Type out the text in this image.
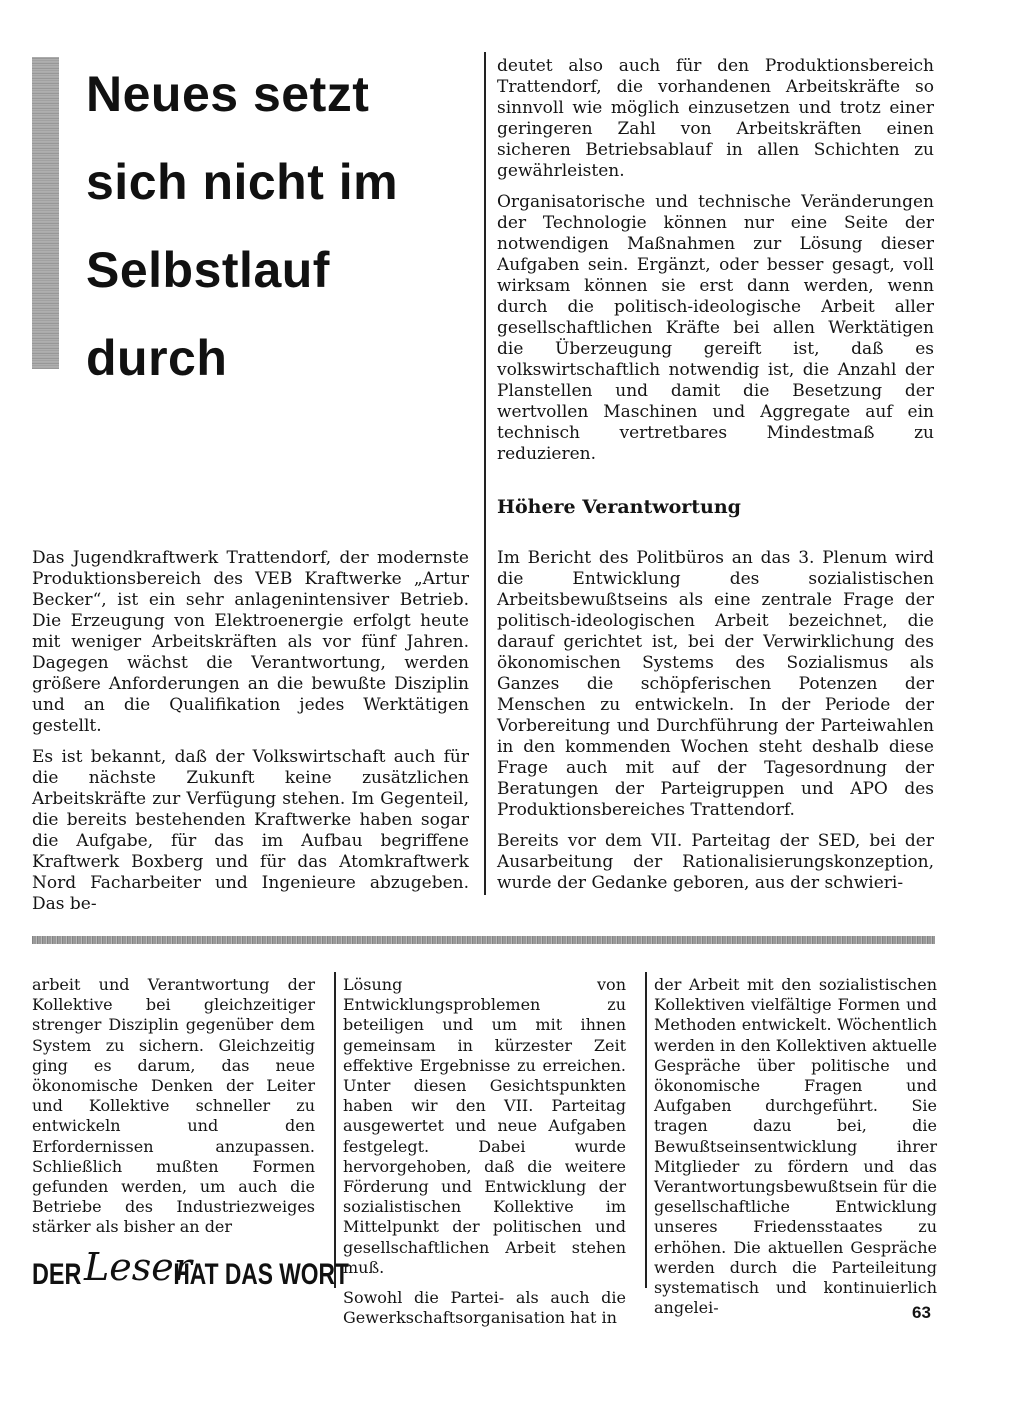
Neues setzt
sich nicht im
Selbstlauf
durch

deutet also auch für den Produktionsbereich Trattendorf, die vorhandenen Arbeitskräfte so sinnvoll wie möglich einzusetzen und trotz einer geringeren Zahl von Arbeitskräften einen sicheren Betriebsablauf in allen Schichten zu gewährleisten.

Organisatorische und technische Veränderungen der Technologie können nur eine Seite der notwendigen Maßnahmen zur Lösung dieser Aufgaben sein. Ergänzt, oder besser gesagt, voll wirksam können sie erst dann werden, wenn durch die politisch-ideologische Arbeit aller gesellschaftlichen Kräfte bei allen Werktätigen die Überzeugung gereift ist, daß es volkswirtschaftlich notwendig ist, die Anzahl der Planstellen und damit die Besetzung der wertvollen Maschinen und Aggregate auf ein technisch vertretbares Mindestmaß zu reduzieren.

Höhere Verantwortung

Das Jugendkraftwerk Trattendorf, der modernste Produktionsbereich des VEB Kraftwerke „Artur Becker“, ist ein sehr anlagenintensiver Betrieb. Die Erzeugung von Elektroenergie erfolgt heute mit weniger Arbeitskräften als vor fünf Jahren. Dagegen wächst die Verantwortung, werden größere Anforderungen an die bewußte Disziplin und an die Qualifikation jedes Werktätigen gestellt.

Es ist bekannt, daß der Volkswirtschaft auch für die nächste Zukunft keine zusätzlichen Arbeitskräfte zur Verfügung stehen. Im Gegenteil, die bereits bestehenden Kraftwerke haben sogar die Aufgabe, für das im Aufbau begriffene Kraftwerk Boxberg und für das Atomkraftwerk Nord Facharbeiter und Ingenieure abzugeben. Das be-

Im Bericht des Politbüros an das 3. Plenum wird die Entwicklung des sozialistischen Arbeitsbewußtseins als eine zentrale Frage der politisch-ideologischen Arbeit bezeichnet, die darauf gerichtet ist, bei der Verwirklichung des ökonomischen Systems des Sozialismus als Ganzes die schöpferischen Potenzen der Menschen zu entwickeln. In der Periode der Vorbereitung und Durchführung der Parteiwahlen in den kommenden Wochen steht deshalb diese Frage auch mit auf der Tagesordnung der Beratungen der Parteigruppen und APO des Produktionsbereiches Trattendorf.

Bereits vor dem VII. Parteitag der SED, bei der Ausarbeitung der Rationalisierungskonzeption, wurde der Gedanke geboren, aus der schwieri-

arbeit und Verantwortung der Kollektive bei gleichzeitiger strenger Disziplin gegenüber dem System zu sichern. Gleichzeitig ging es darum, das neue ökonomische Denken der Leiter und Kollektive schneller zu entwickeln und den Erfordernissen anzupassen. Schließlich mußten Formen gefunden werden, um auch die Betriebe des Industriezweiges stärker als bisher an der

Lösung von Entwicklungsproblemen zu beteiligen und um mit ihnen gemeinsam in kürzester Zeit effektive Ergebnisse zu erreichen. Unter diesen Gesichtspunkten haben wir den VII. Parteitag ausgewertet und neue Aufgaben festgelegt. Dabei wurde hervorgehoben, daß die weitere Förderung und Entwicklung der sozialistischen Kollektive im Mittelpunkt der politischen und gesellschaftlichen Arbeit stehen muß.

Sowohl die Partei- als auch die Gewerkschaftsorganisation hat in

der Arbeit mit den sozialistischen Kollektiven vielfältige Formen und Methoden entwickelt. Wöchentlich werden in den Kollektiven aktuelle Gespräche über politische und ökonomische Fragen und Aufgaben durchgeführt. Sie tragen dazu bei, die Bewußtseinsentwicklung ihrer Mitglieder zu fördern und das Verantwortungsbewußtsein für die gesellschaftliche Entwicklung unseres Friedensstaates zu erhöhen. Die aktuellen Gespräche werden durch die Parteileitung systematisch und kontinuierlich angelei-

DER Leser
HAT DAS WORT

63
